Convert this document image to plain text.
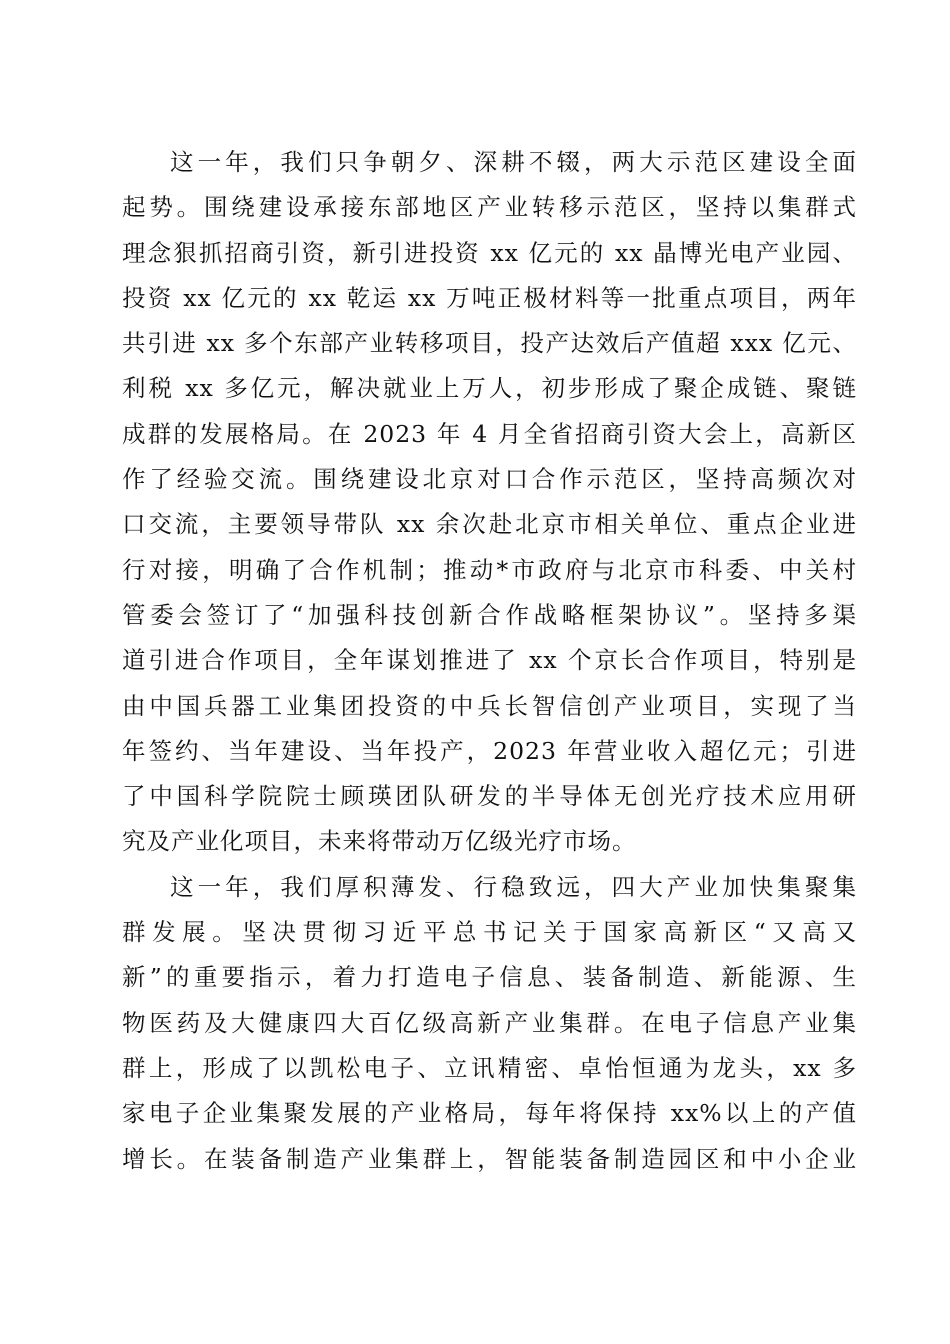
这一年，我们只争朝夕、深耕不辍，两大示范区建设全面
起势。围绕建设承接东部地区产业转移示范区，坚持以集群式
理念狠抓招商引资，新引进投资 xx 亿元的 xx 晶博光电产业园、
投资 xx 亿元的 xx 乾运 xx 万吨正极材料等一批重点项目，两年
共引进 xx 多个东部产业转移项目，投产达效后产值超 xxx 亿元、
利税 xx 多亿元，解决就业上万人，初步形成了聚企成链、聚链
成群的发展格局。在 2023 年 4 月全省招商引资大会上，高新区
作了经验交流。围绕建设北京对口合作示范区，坚持高频次对
口交流，主要领导带队 xx 余次赴北京市相关单位、重点企业进
行对接，明确了合作机制；推动*市政府与北京市科委、中关村
管委会签订了“加强科技创新合作战略框架协议”。坚持多渠
道引进合作项目，全年谋划推进了 xx 个京长合作项目，特别是
由中国兵器工业集团投资的中兵长智信创产业项目，实现了当
年签约、当年建设、当年投产，2023 年营业收入超亿元；引进
了中国科学院院士顾瑛团队研发的半导体无创光疗技术应用研
究及产业化项目，未来将带动万亿级光疗市场。
这一年，我们厚积薄发、行稳致远，四大产业加快集聚集
群发展。坚决贯彻习近平总书记关于国家高新区“又高又
新”的重要指示，着力打造电子信息、装备制造、新能源、生
物医药及大健康四大百亿级高新产业集群。在电子信息产业集
群上，形成了以凯松电子、立讯精密、卓怡恒通为龙头，xx 多
家电子企业集聚发展的产业格局，每年将保持 xx%以上的产值
增长。在装备制造产业集群上，智能装备制造园区和中小企业
